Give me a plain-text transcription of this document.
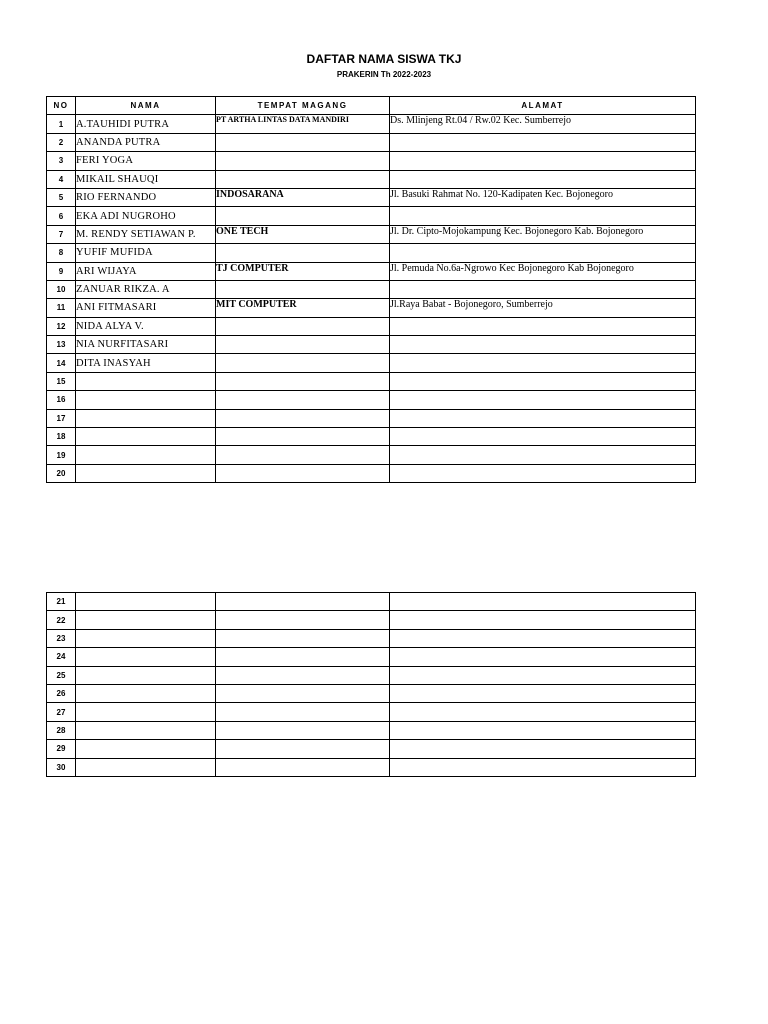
DAFTAR NAMA SISWA TKJ
PRAKERIN Th 2022-2023
NO	NAMA	TEMPAT MAGANG	ALAMAT
1	A.TAUHIDI PUTRA	PT ARTHA LINTAS DATA MANDIRI	Ds. Mlinjeng Rt.04 / Rw.02 Kec. Sumberrejo
2	ANANDA PUTRA		
3	FERI YOGA		
4	MIKAIL SHAUQI		
5	RIO FERNANDO	INDOSARANA	Jl. Basuki Rahmat No. 120-Kadipaten Kec. Bojonegoro
6	EKA ADI NUGROHO		
7	M. RENDY SETIAWAN P.	ONE TECH	Jl. Dr. Cipto-Mojokampung Kec. Bojonegoro Kab. Bojonegoro
8	YUFIF MUFIDA		
9	ARI WIJAYA	TJ COMPUTER	Jl. Pemuda No.6a-Ngrowo Kec Bojonegoro Kab Bojonegoro
10	ZANUAR RIKZA. A		
11	ANI FITMASARI	MIT COMPUTER	Jl.Raya Babat - Bojonegoro, Sumberrejo
12	NIDA ALYA V.		
13	NIA NURFITASARI		
14	DITA INASYAH		
15			
16			
17			
18			
19			
20			
21			
22			
23			
24			
25			
26			
27			
28			
29			
30			
